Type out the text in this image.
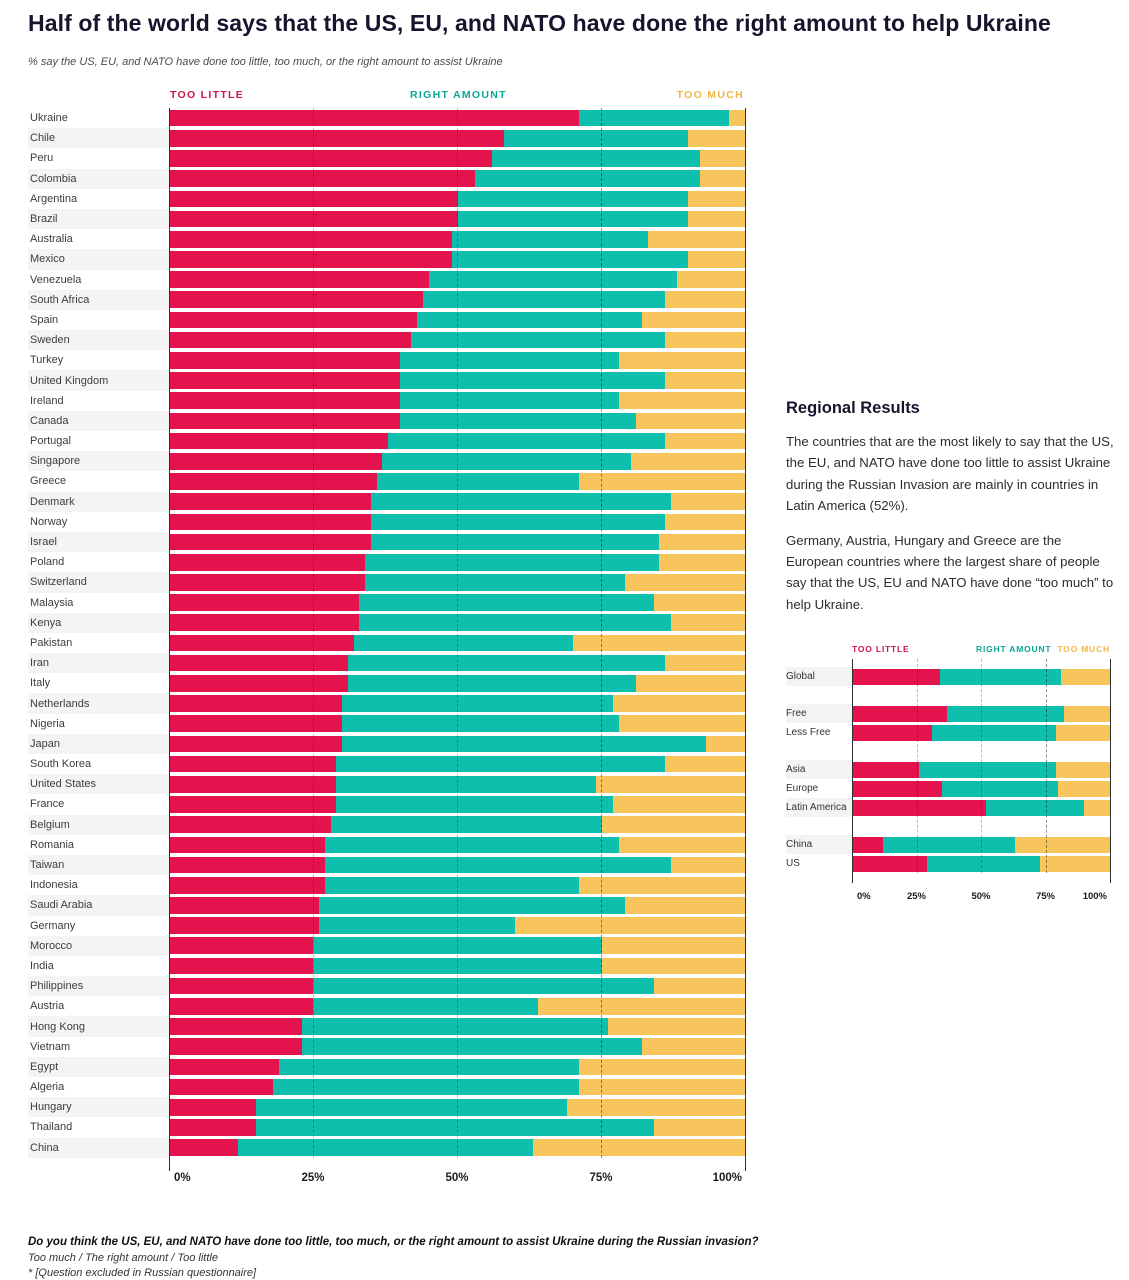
Half of the world says that the US, EU, and NATO have done the right amount to help Ukraine
% say the US, EU, and NATO have done too little, too much, or the right amount to assist Ukraine
TOO LITTLE	RIGHT AMOUNT	TOO MUCH
Ukraine
Chile
Peru
Colombia
Argentina
Brazil
Australia
Mexico
Venezuela
South Africa
Spain
Sweden
Turkey
United Kingdom
Ireland
Canada
Portugal
Singapore
Greece
Denmark
Norway
Israel
Poland
Switzerland
Malaysia
Kenya
Pakistan
Iran
Italy
Netherlands
Nigeria
Japan
South Korea
United States
France
Belgium
Romania
Taiwan
Indonesia
Saudi Arabia
Germany
Morocco
India
Philippines
Austria
Hong Kong
Vietnam
Egypt
Algeria
Hungary
Thailand
China
0%	25%	50%	75%	100%
Regional Results

The countries that are the most likely to say that the US, the EU, and NATO have done too little to assist Ukraine during the Russian Invasion are mainly in countries in Latin America (52%).

Germany, Austria, Hungary and Greece are the European countries where the largest share of people say that the US, EU and NATO have done “too much” to help Ukraine.

TOO LITTLE	RIGHT AMOUNT TOO MUCH
Global
Free
Less Free
Asia
Europe
Latin America
China
US
0%	25%	50%	75%	100%
Do you think the US, EU, and NATO have done too little, too much, or the right amount to assist Ukraine during the Russian invasion?
Too much / The right amount / Too little
* [Question excluded in Russian questionnaire]
